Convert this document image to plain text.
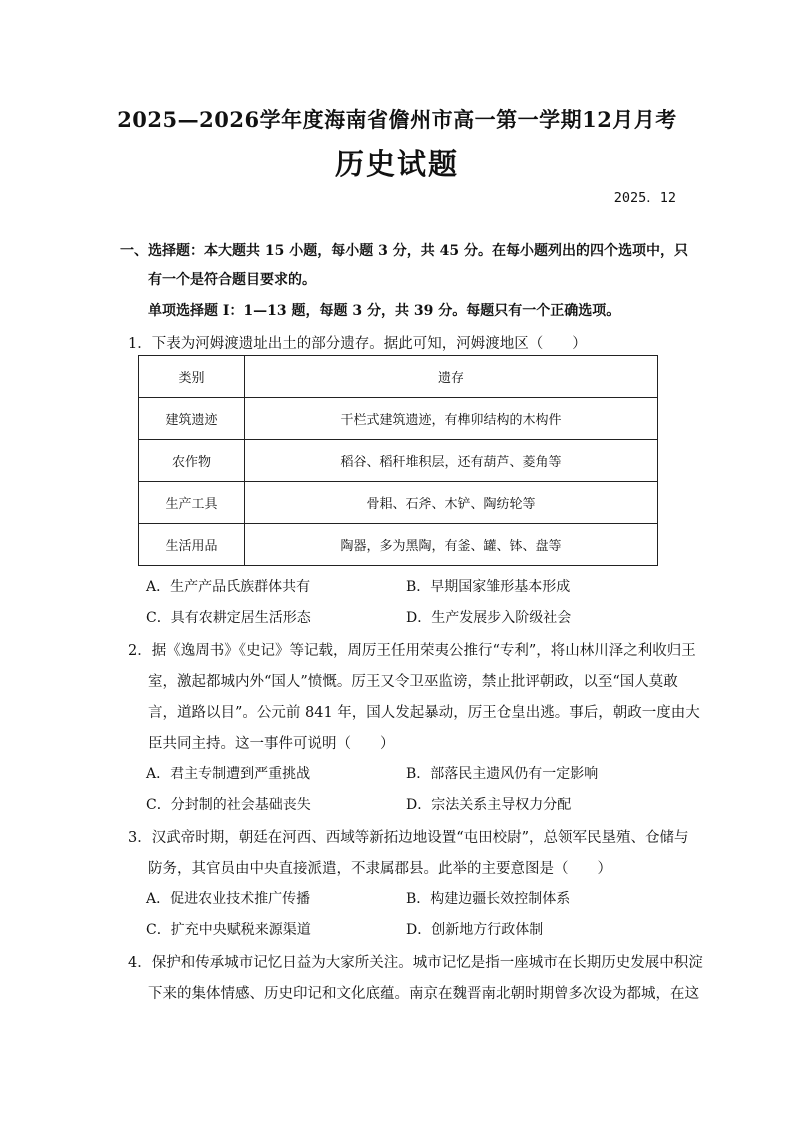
2025—2026学年度海南省儋州市高一第一学期12月月考
历史试题
2025．12
一、选择题：本大题共 15 小题，每小题 3 分，共 45 分。在每小题列出的四个选项中，只
有一个是符合题目要求的。
单项选择题 I：1—13 题，每题 3 分，共 39 分。每题只有一个正确选项。
1．下表为河姆渡遗址出土的部分遗存。据此可知，河姆渡地区（　　）
类别	遗存
建筑遗迹	干栏式建筑遗迹，有榫卯结构的木构件
农作物	稻谷、稻秆堆积层，还有葫芦、菱角等
生产工具	骨耜、石斧、木铲、陶纺轮等
生活用品	陶器，多为黑陶，有釜、罐、钵、盘等
A．生产产品氏族群体共有	B．早期国家雏形基本形成
C．具有农耕定居生活形态	D．生产发展步入阶级社会
2．据《逸周书》《史记》等记载，周厉王任用荣夷公推行“专利”，将山林川泽之利收归王
室，激起都城内外“国人”愤慨。厉王又令卫巫监谤，禁止批评朝政，以至“国人莫敢
言，道路以目”。公元前 841 年，国人发起暴动，厉王仓皇出逃。事后，朝政一度由大
臣共同主持。这一事件可说明（　　）
A．君主专制遭到严重挑战	B．部落民主遗风仍有一定影响
C．分封制的社会基础丧失	D．宗法关系主导权力分配
3．汉武帝时期，朝廷在河西、西域等新拓边地设置“屯田校尉”，总领军民垦殖、仓储与
防务，其官员由中央直接派遣，不隶属郡县。此举的主要意图是（　　）
A．促进农业技术推广传播	B．构建边疆长效控制体系
C．扩充中央赋税来源渠道	D．创新地方行政体制
4．保护和传承城市记忆日益为大家所关注。城市记忆是指一座城市在长期历史发展中积淀
下来的集体情感、历史印记和文化底蕴。南京在魏晋南北朝时期曾多次设为都城，在这
